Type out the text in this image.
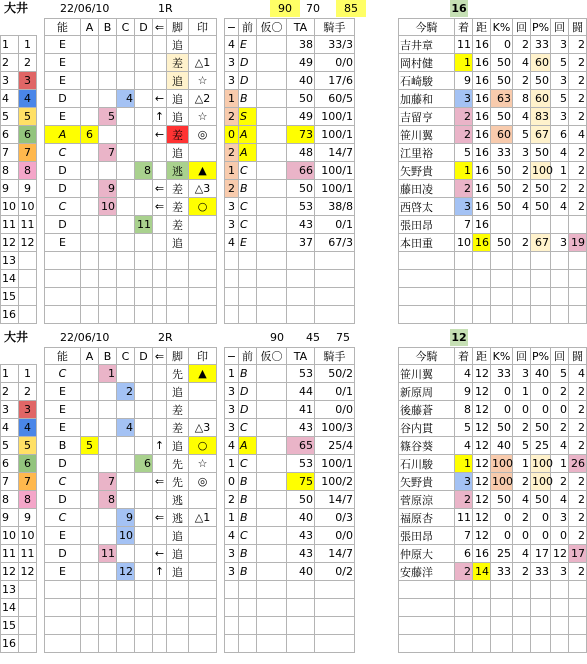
大井	22/06/10	1R	90	70	85	16
			能	A	B	C	D	⇐	脚	印		−	前	仮〇	TA	騎手		今騎	着	距	K%	回	P%	回	闘
1	1		E						追			4	E		38	33/3		吉井章	11	16	0	2	33	3	2
2	2		E						差	△1		3	D		49	0/0		岡村健	1	16	50	4	60	5	2
3	3		E						追	☆		3	D		40	17/6		石崎駿	9	16	50	2	50	3	2
4	4		D			4		←	追	△2		1	B		50	60/5		加藤和	3	16	63	8	60	5	2
5	5		E		5			↑	追	☆		2	S		49	100/1		吉留亨	2	16	50	4	83	3	2
6	6		A	6				←	差	◎		0	A		73	100/1		笹川翼	2	16	60	5	67	6	4
7	7		C		7				追			2	A		48	14/7		江里裕	5	16	33	3	50	4	2
8	8		D				8		逃	▲		1	C		66	100/1		矢野貴	1	16	50	2	100	1	2
9	9		D		9			⇐	差	△3		2	B		50	100/1		藤田凌	2	16	50	2	50	2	2
10	10		C		10			⇐	差	○		3	C		53	38/8		西啓太	3	16	50	4	50	4	2
11	11		D				11		差			3	C		43	0/1		張田昂	7	16					
12	12		E						追			4	E		37	67/3		本田重	10	16	50	2	67	3	19
13																									
14																									
15																									
16																									
大井	22/06/10	2R	90	45	75	12
			能	A	B	C	D	⇐	脚	印		−	前	仮〇	TA	騎手		今騎	着	距	K%	回	P%	回	闘
1	1		C		1				先	▲		1	B		53	50/2		笹川翼	4	12	33	3	40	5	4
2	2		E			2			追			3	D		44	0/1		新原周	9	12	0	1	0	2	2
3	3		E						差			3	D		41	0/0		後藤蒼	8	12	0	0	0	0	2
4	4		E			4			差	△3		3	C		43	100/3		谷内貫	5	12	50	2	50	2	2
5	5		B	5				↑	追	○		4	A		65	25/4		篠谷葵	4	12	40	5	25	4	2
6	6		D				6		先	☆		1	C		53	100/1		石川駿	1	12	100	1	100	1	26
7	7		C		7			⇐	先	◎		0	B		75	100/2		矢野貴	3	12	100	2	100	2	2
8	8		D		8				逃			2	B		50	14/7		菅原涼	2	12	50	4	50	4	2
9	9		C			9		⇐	逃	△1		1	B		40	0/3		福原杏	11	12	0	2	0	3	2
10	10		E			10			追			4	C		43	0/0		張田昂	7	12	0	0	0	0	2
11	11		D		11			←	追			3	B		43	14/7		仲原大	6	16	25	4	17	12	17
12	12		E			12		↑	追			3	B		40	0/2		安藤洋	2	14	33	2	33	3	2
13																									
14																									
15																									
16																									
